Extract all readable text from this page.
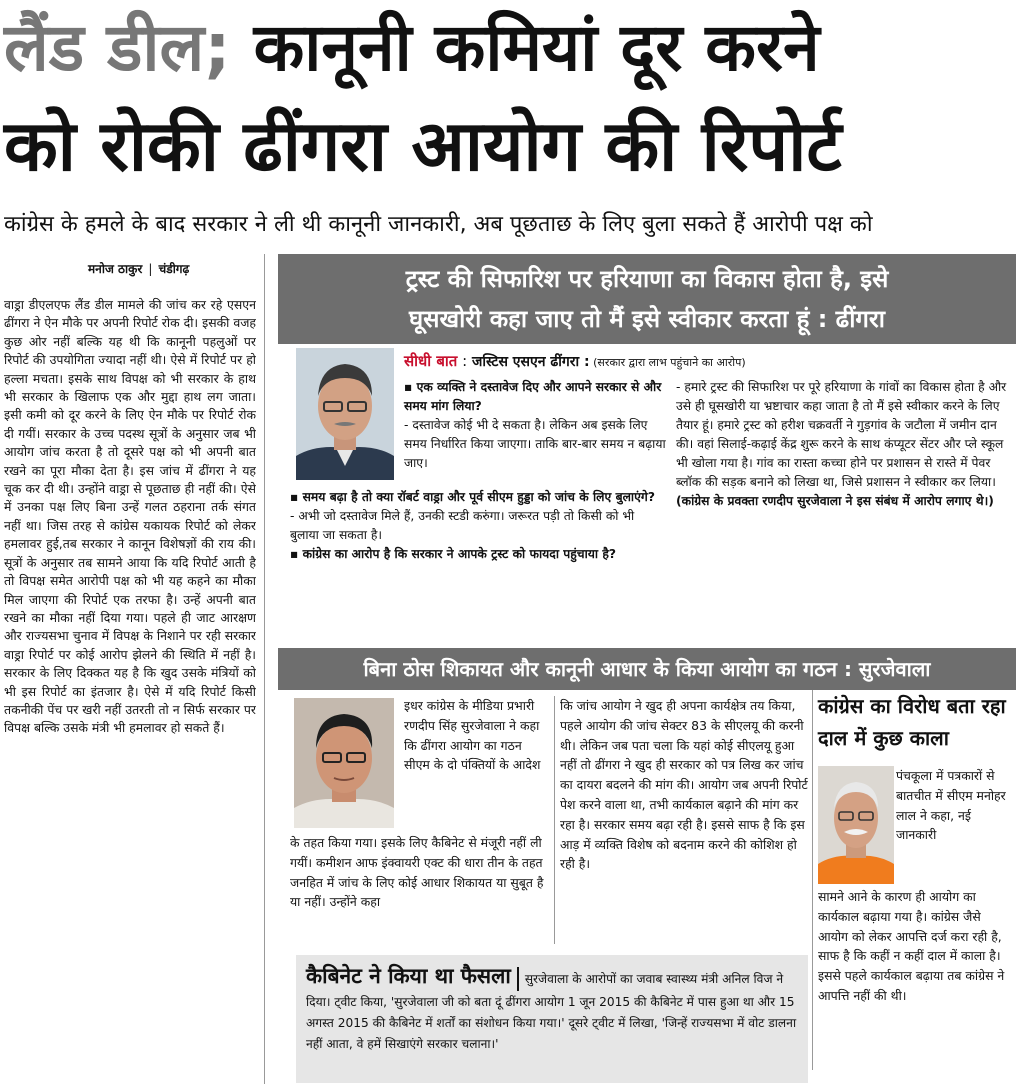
लैंड डील; कानूनी कमियां दूर करने
को रोकी ढींगरा आयोग की रिपोर्ट
कांग्रेस के हमले के बाद सरकार ने ली थी कानूनी जानकारी, अब पूछताछ के लिए बुला सकते हैं आरोपी पक्ष को
मनोज ठाकुर | चंडीगढ़
वाड्रा डीएलएफ लैंड डील मामले की जांच कर रहे एसएन ढींगरा ने ऐन मौके पर अपनी रिपोर्ट रोक दी। इसकी वजह कुछ ओर नहीं बल्कि यह थी कि कानूनी पहलुओं पर रिपोर्ट की उपयोगिता ज्यादा नहीं थी। ऐसे में रिपोर्ट पर हो हल्ला मचता। इसके साथ विपक्ष को भी सरकार के हाथ भी सरकार के खिलाफ एक और मुद्दा हाथ लग जाता। इसी कमी को दूर करने के लिए ऐन मौके पर रिपोर्ट रोक दी गयीं। सरकार के उच्च पदस्थ सूत्रों के अनुसार जब भी आयोग जांच करता है तो दूसरे पक्ष को भी अपनी बात रखने का पूरा मौका देता है। इस जांच में ढींगरा ने यह चूक कर दी थी। उन्होंने वाड्रा से पूछताछ ही नहीं की। ऐसे में उनका पक्ष लिए बिना उन्हें गलत ठहराना तर्क संगत नहीं था। जिस तरह से कांग्रेस यकायक रिपोर्ट को लेकर हमलावर हुई,तब सरकार ने कानून विशेषज्ञों की राय की। सूत्रों के अनुसार तब सामने आया कि यदि रिपोर्ट आती है तो विपक्ष समेत आरोपी पक्ष को भी यह कहने का मौका मिल जाएगा की रिपोर्ट एक तरफा है। उन्हें अपनी बात रखने का मौका नहीं दिया गया। पहले ही जाट आरक्षण और राज्यसभा चुनाव में विपक्ष के निशाने पर रही सरकार वाड्रा रिपोर्ट पर कोई आरोप झेलने की स्थिति में नहीं है। सरकार के लिए दिक्कत यह है कि खुद उसके मंत्रियों को भी इस रिपोर्ट का इंतजार है। ऐसे में यदि रिपोर्ट किसी तकनीकी पेंच पर खरी नहीं उतरती तो न सिर्फ सरकार पर विपक्ष बल्कि उसके मंत्री भी हमलावर हो सकते हैं।
ट्रस्ट की सिफारिश पर हरियाणा का विकास होता है, इसे
घूसखोरी कहा जाए तो मैं इसे स्वीकार करता हूं : ढींगरा
सीधी बात : जस्टिस एसएन ढींगरा : (सरकार द्वारा लाभ पहुंचाने का आरोप)
▪ एक व्यक्ति ने दस्तावेज दिए और आपने सरकार से और समय मांग लिया?
- दस्तावेज कोई भी दे सकता है। लेकिन अब इसके लिए समय निर्धारित किया जाएगा। ताकि बार-बार समय न बढ़ाया जाए।
▪ समय बढ़ा है तो क्या रॉबर्ट वाड्रा और पूर्व सीएम हुड्डा को जांच के लिए बुलाएंगे?
- अभी जो दस्तावेज मिले हैं, उनकी स्टडी करुंगा। जरूरत पड़ी तो किसी को भी बुलाया जा सकता है।
▪ कांग्रेस का आरोप है कि सरकार ने आपके ट्रस्ट को फायदा पहुंचाया है?
- हमारे ट्रस्ट की सिफारिश पर पूरे हरियाणा के गांवों का विकास होता है और उसे ही घूसखोरी या भ्रष्टाचार कहा जाता है तो मैं इसे स्वीकार करने के लिए तैयार हूं। हमारे ट्रस्ट को हरीश चक्रवर्ती ने गुड़गांव के जटौला में जमीन दान की। वहां सिलाई-कढ़ाई केंद्र शुरू करने के साथ कंप्यूटर सेंटर और प्ले स्कूल भी खोला गया है। गांव का रास्ता कच्चा होने पर प्रशासन से रास्ते में पेवर ब्लॉक की सड़क बनाने को लिखा था, जिसे प्रशासन ने स्वीकार कर लिया।
(कांग्रेस के प्रवक्ता रणदीप सुरजेवाला ने इस संबंध में आरोप लगाए थे।)
बिना ठोस शिकायत और कानूनी आधार के किया आयोग का गठन : सुरजेवाला
इधर कांग्रेस के मीडिया प्रभारी रणदीप सिंह सुरजेवाला ने कहा कि ढींगरा आयोग का गठन सीएम के दो पंक्तियों के आदेश
के तहत किया गया। इसके लिए कैबिनेट से मंजूरी नहीं ली गयीं। कमीशन आफ इंक्वायरी एक्ट की धारा तीन के तहत जनहित में जांच के लिए कोई आधार शिकायत या सुबूत है या नहीं। उन्होंने कहा
कि जांच आयोग ने खुद ही अपना कार्यक्षेत्र तय किया, पहले आयोग की जांच सेक्टर 83 के सीएलयू की करनी थी। लेकिन जब पता चला कि यहां कोई सीएलयू हुआ नहीं तो ढींगरा ने खुद ही सरकार को पत्र लिख कर जांच का दायरा बदलने की मांग की। आयोग जब अपनी रिपोर्ट पेश करने वाला था, तभी कार्यकाल बढ़ाने की मांग कर रहा है। सरकार समय बढ़ा रही है। इससे साफ है कि इस आड़ में व्यक्ति विशेष को बदनाम करने की कोशिश हो रही है।
कांग्रेस का विरोध बता रहा दाल में कुछ काला
पंचकूला में पत्रकारों से बातचीत में सीएम मनोहर लाल ने कहा, नई जानकारी
सामने आने के कारण ही आयोग का कार्यकाल बढ़ाया गया है। कांग्रेस जैसे आयोग को लेकर आपत्ति दर्ज करा रही है, साफ है कि कहीं न कहीं दाल में काला है। इससे पहले कार्यकाल बढ़ाया तब कांग्रेस ने आपत्ति नहीं की थी।
कैबिनेट ने किया था फैसला सुरजेवाला के आरोपों का जवाब स्वास्थ्य मंत्री अनिल विज ने दिया। ट्वीट किया, 'सुरजेवाला जी को बता दूं ढींगरा आयोग 1 जून 2015 की कैबिनेट में पास हुआ था और 15 अगस्त 2015 की कैबिनेट में शर्तों का संशोधन किया गया।' दूसरे ट्वीट में लिखा, 'जिन्हें राज्यसभा में वोट डालना नहीं आता, वे हमें सिखाएंगे सरकार चलाना।'
